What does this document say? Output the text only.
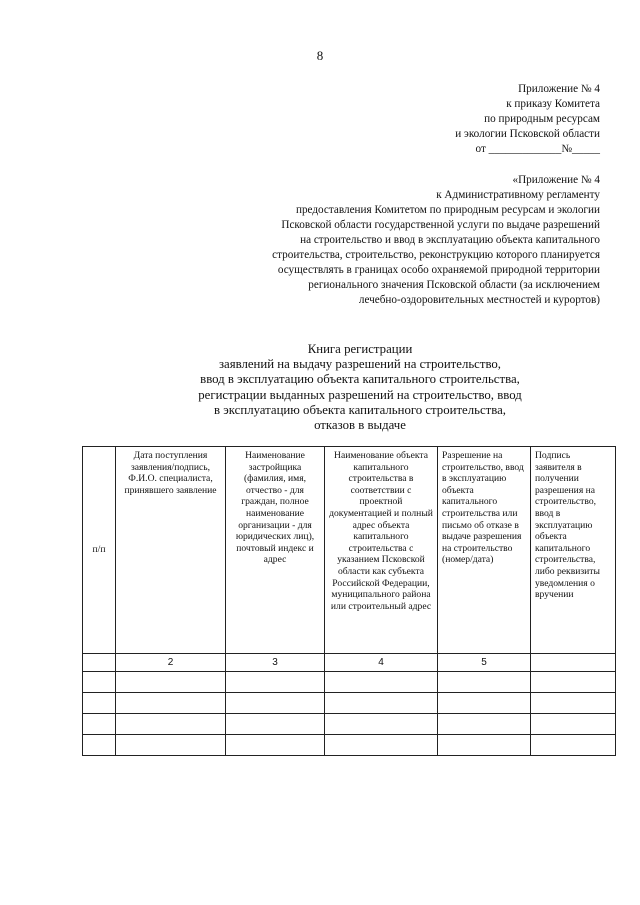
8
Приложение № 4
к приказу Комитета
по природным ресурсам
и экологии Псковской области
от _____________№_____
«Приложение № 4
к Административному регламенту
предоставления Комитетом по природным ресурсам и экологии
Псковской области государственной услуги по выдаче разрешений
на строительство и ввод в эксплуатацию объекта капитального
строительства, строительство, реконструкцию которого планируется
осуществлять в границах особо охраняемой природной территории
регионального значения Псковской области (за исключением
лечебно-оздоровительных местностей и курортов)
Книга регистрации
заявлений на выдачу разрешений на строительство,
ввод в эксплуатацию объекта капитального строительства,
регистрации выданных разрешений на строительство, ввод
в эксплуатацию объекта капитального строительства,
отказов в выдаче
п/п	Дата поступления заявления/подпись, Ф.И.О. специалиста, принявшего заявление	Наименование застройщика (фамилия, имя, отчество - для граждан, полное наименование организации - для юридических лиц), почтовый индекс и адрес	Наименование объекта капитального строительства в соответствии с проектной документацией и полный адрес объекта капитального строительства с указанием Псковской области как субъекта Российской Федерации, муниципального района или строительный адрес	Разрешение на строительство, ввод в эксплуатацию объекта капитального строительства или письмо об отказе в выдаче разрешения на строительство (номер/дата)	Подпись заявителя в получении разрешения на строительство, ввод в эксплуатацию объекта капитального строительства, либо реквизиты уведомления о вручении
	2	3	4	5	
